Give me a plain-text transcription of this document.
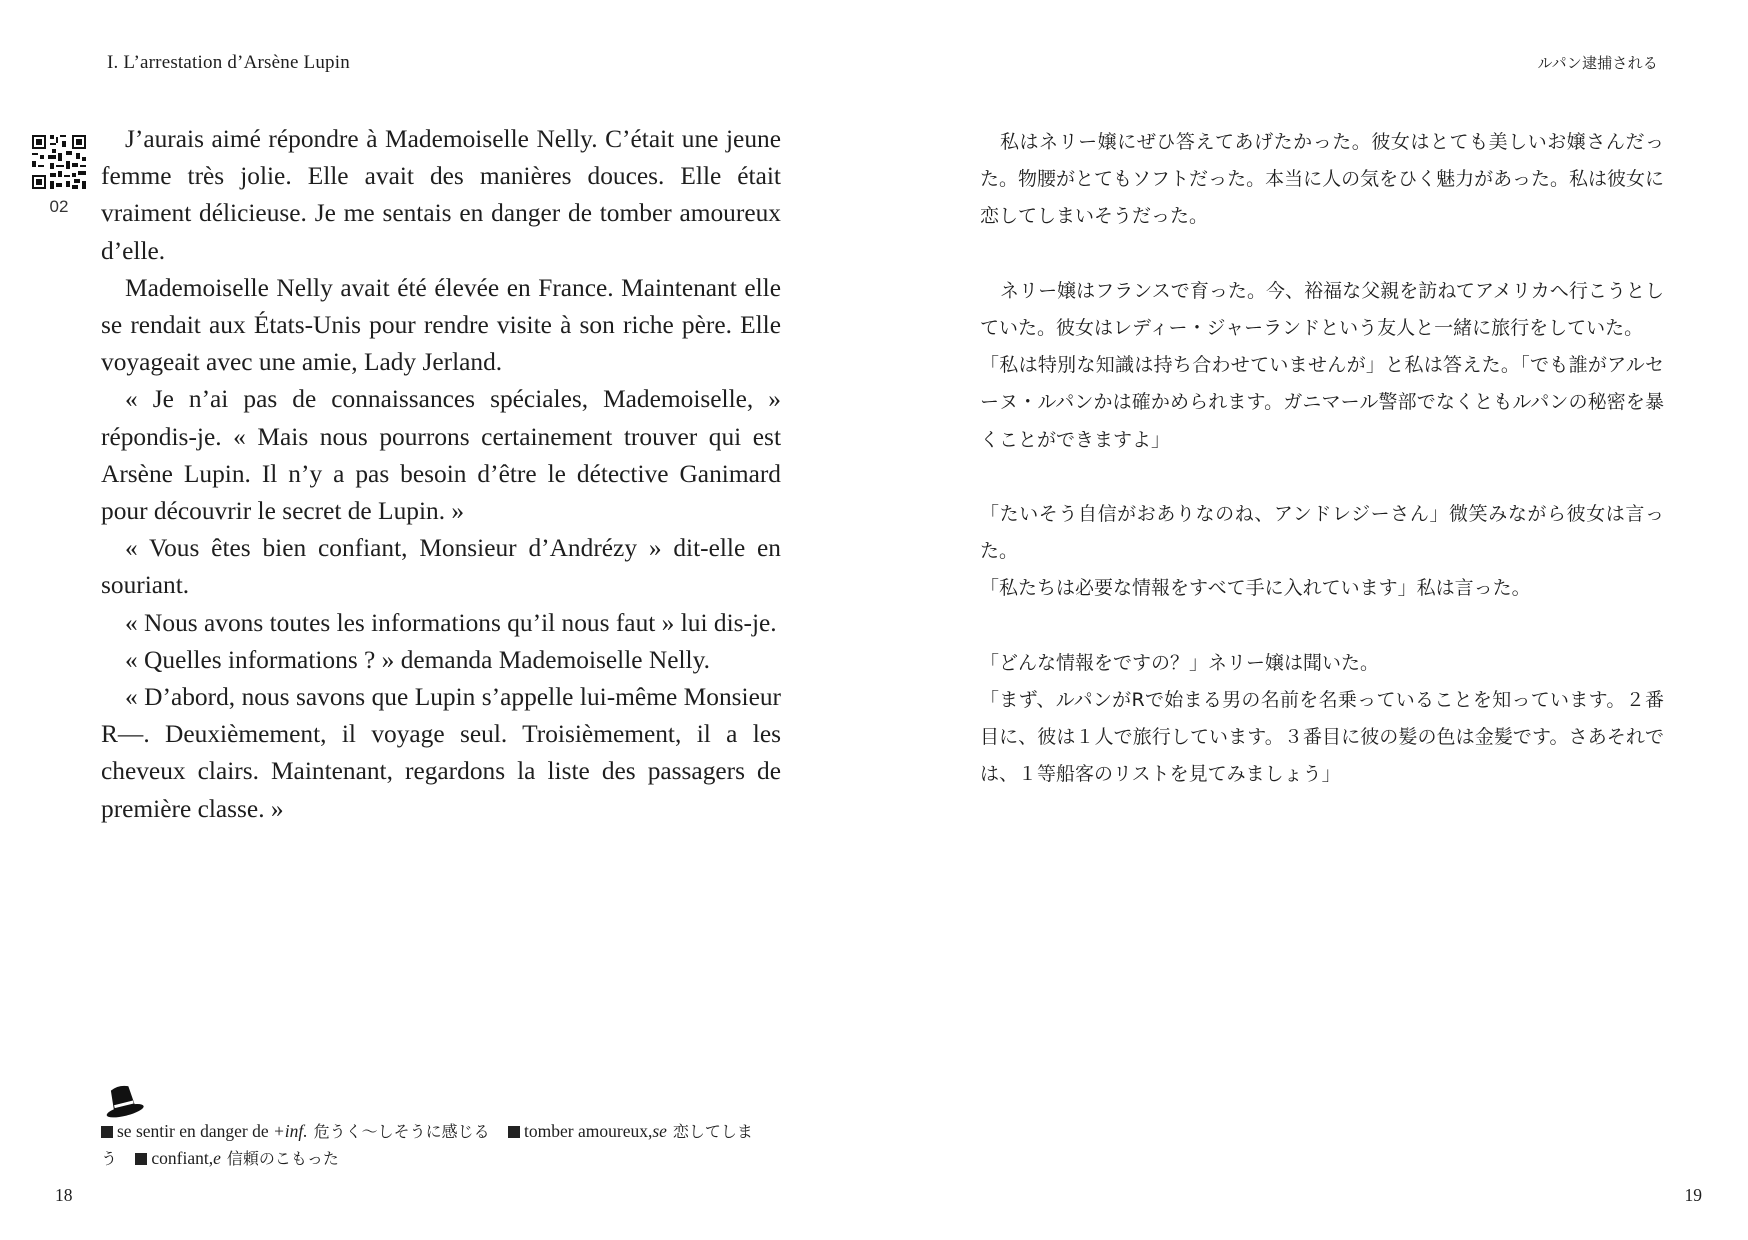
I. L’arrestation d’Arsène Lupin
02

J’aurais aimé répondre à Mademoiselle Nelly. C’était une jeune femme très jolie. Elle avait des manières douces. Elle était vraiment délicieuse. Je me sentais en danger de tomber amoureux d’elle.

Mademoiselle Nelly avait été élevée en France. Maintenant elle se rendait aux États-Unis pour rendre visite à son riche père. Elle voyageait avec une amie, Lady Jerland.

« Je n’ai pas de connaissances spéciales, Mademoiselle, » répondis-je. « Mais nous pourrons certainement trouver qui est Arsène Lupin. Il n’y a pas besoin d’être le détective Ganimard pour découvrir le secret de Lupin. »

« Vous êtes bien confiant, Monsieur d’Andrézy » dit-elle en souriant.

« Nous avons toutes les informations qu’il nous faut » lui dis-je.

« Quelles informations ? » demanda Mademoiselle Nelly.

« D’abord, nous savons que Lupin s’appelle lui-même Monsieur R—. Deuxièmement, il voyage seul. Troisièmement, il a les cheveux clairs. Maintenant, regardons la liste des passagers de première classe. »

se sentir en danger de +inf. 危うく～しそうに感じる tomber amoureux,se 恋してしまう confiant,e 信頼のこもった
18
ルパン逮捕される

私はネリー嬢にぜひ答えてあげたかった。彼女はとても美しいお嬢さんだった。物腰がとてもソフトだった。本当に人の気をひく魅力があった。私は彼女に恋してしまいそうだった。

ネリー嬢はフランスで育った。今、裕福な父親を訪ねてアメリカへ行こうとしていた。彼女はレディー・ジャーランドという友人と一緒に旅行をしていた。

「私は特別な知識は持ち合わせていませんが」と私は答えた。「でも誰がアルセーヌ・ルパンかは確かめられます。ガニマール警部でなくともルパンの秘密を暴くことができますよ」

「たいそう自信がおありなのね、アンドレジーさん」微笑みながら彼女は言った。

「私たちは必要な情報をすべて手に入れています」私は言った。

「どんな情報をですの？」ネリー嬢は聞いた。

「まず、ルパンがRで始まる男の名前を名乗っていることを知っています。２番目に、彼は１人で旅行しています。３番目に彼の髪の色は金髪です。さあそれでは、１等船客のリストを見てみましょう」

19
